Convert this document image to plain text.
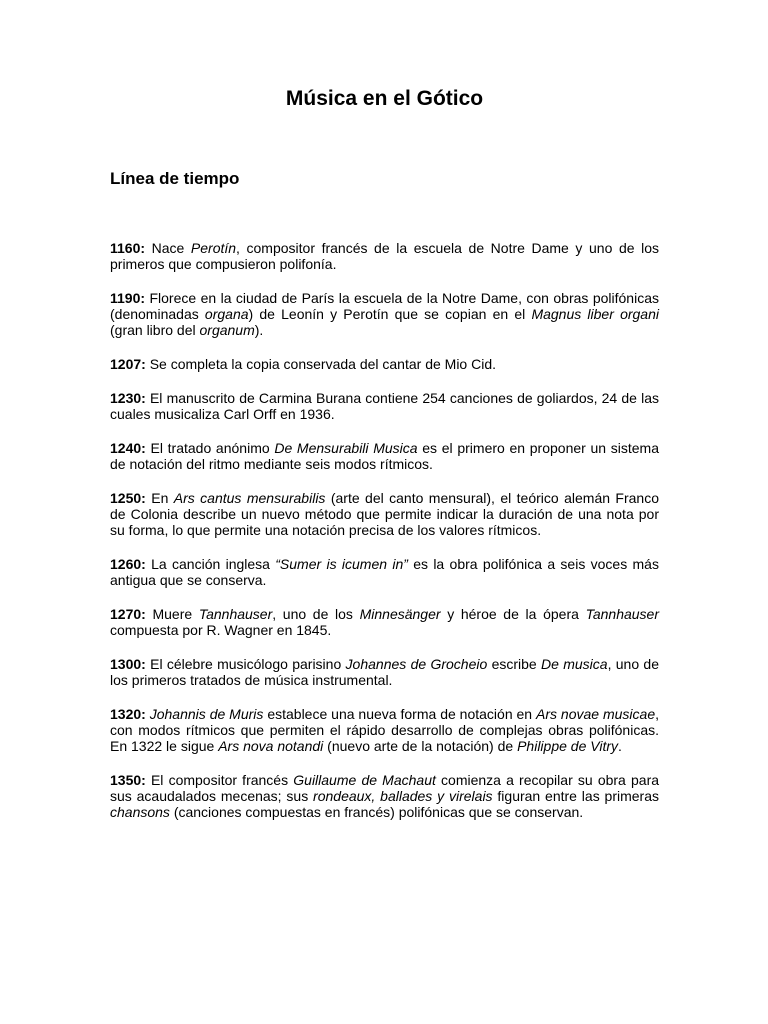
Música en el Gótico
Línea de tiempo

1160: Nace Perotín, compositor francés de la escuela de Notre Dame y uno de los primeros que compusieron polifonía.

1190: Florece en la ciudad de París la escuela de la Notre Dame, con obras polifónicas (denominadas organa) de Leonín y Perotín que se copian en el Magnus liber organi (gran libro del organum).

1207: Se completa la copia conservada del cantar de Mio Cid.

1230: El manuscrito de Carmina Burana contiene 254 canciones de goliardos, 24 de las cuales musicaliza Carl Orff en 1936.

1240: El tratado anónimo De Mensurabili Musica es el primero en proponer un sistema de notación del ritmo mediante seis modos rítmicos.

1250: En Ars cantus mensurabilis (arte del canto mensural), el teórico alemán Franco de Colonia describe un nuevo método que permite indicar la duración de una nota por su forma, lo que permite una notación precisa de los valores rítmicos.

1260: La canción inglesa “Sumer is icumen in” es la obra polifónica a seis voces más antigua que se conserva.

1270: Muere Tannhauser, uno de los Minnesänger y héroe de la ópera Tannhauser compuesta por R. Wagner en 1845.

1300: El célebre musicólogo parisino Johannes de Grocheio escribe De musica, uno de los primeros tratados de música instrumental.

1320: Johannis de Muris establece una nueva forma de notación en Ars novae musicae, con modos rítmicos que permiten el rápido desarrollo de complejas obras polifónicas. En 1322 le sigue Ars nova notandi (nuevo arte de la notación) de Philippe de Vitry.

1350: El compositor francés Guillaume de Machaut comienza a recopilar su obra para sus acaudalados mecenas; sus rondeaux, ballades y virelais figuran entre las primeras chansons (canciones compuestas en francés) polifónicas que se conservan.
